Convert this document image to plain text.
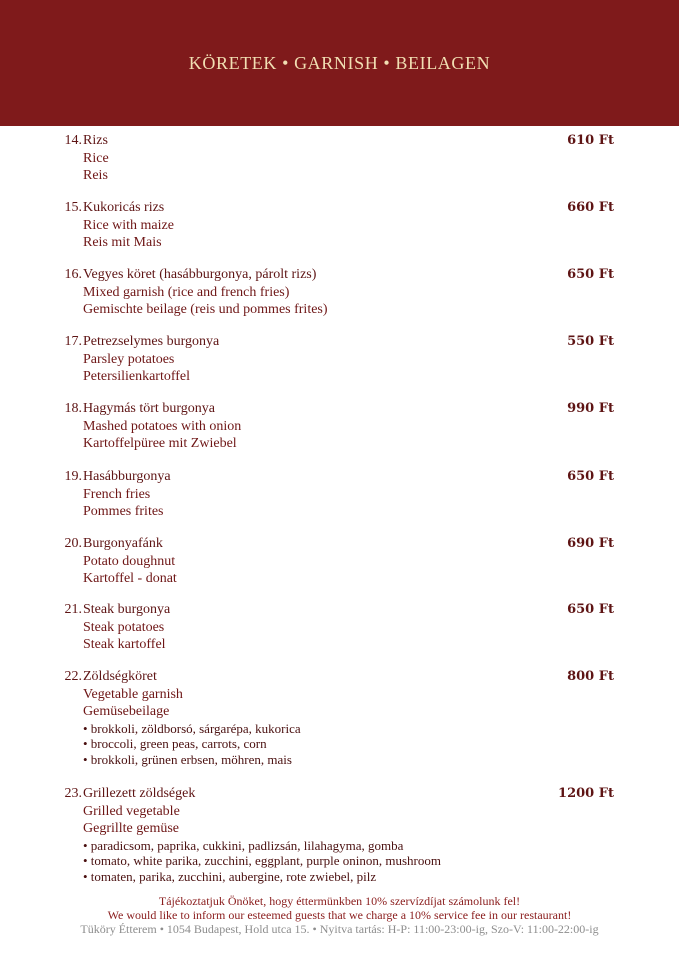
KÖRETEK • GARNISH • BEILAGEN
14. Rizs
Rice
Reis
610 Ft
15. Kukoricás rizs
Rice with maize
Reis mit Mais
660 Ft
16. Vegyes köret (hasábburgonya, párolt rizs)
Mixed garnish (rice and french fries)
Gemischte beilage (reis und pommes frites)
650 Ft
17. Petrezselymes burgonya
Parsley potatoes
Petersilienkartoffel
550 Ft
18. Hagymás tört burgonya
Mashed potatoes with onion
Kartoffelpüree mit Zwiebel
990 Ft
19. Hasábburgonya
French fries
Pommes frites
650 Ft
20. Burgonyafánk
Potato doughnut
Kartoffel - donat
690 Ft
21. Steak burgonya
Steak potatoes
Steak kartoffel
650 Ft
22. Zöldségköret
Vegetable garnish
Gemüsebeilage
• brokkoli, zöldborsó, sárgarépa, kukorica
• broccoli, green peas, carrots, corn
• brokkoli, grünen erbsen, möhren, mais
800 Ft
23. Grillezett zöldségek
Grilled vegetable
Gegrillte gemüse
• paradicsom, paprika, cukkini, padlizsán, lilahagyma, gomba
• tomato, white parika, zucchini, eggplant, purple oninon, mushroom
• tomaten, parika, zucchini, aubergine, rote zwiebel, pilz
1200 Ft
Tájékoztatjuk Önöket, hogy éttermünkben 10% szervízdíjat számolunk fel!
We would like to inform our esteemed guests that we charge a 10% service fee in our restaurant!
Tüköry Étterem • 1054 Budapest, Hold utca 15. • Nyitva tartás: H-P: 11:00-23:00-ig, Szo-V: 11:00-22:00-ig
